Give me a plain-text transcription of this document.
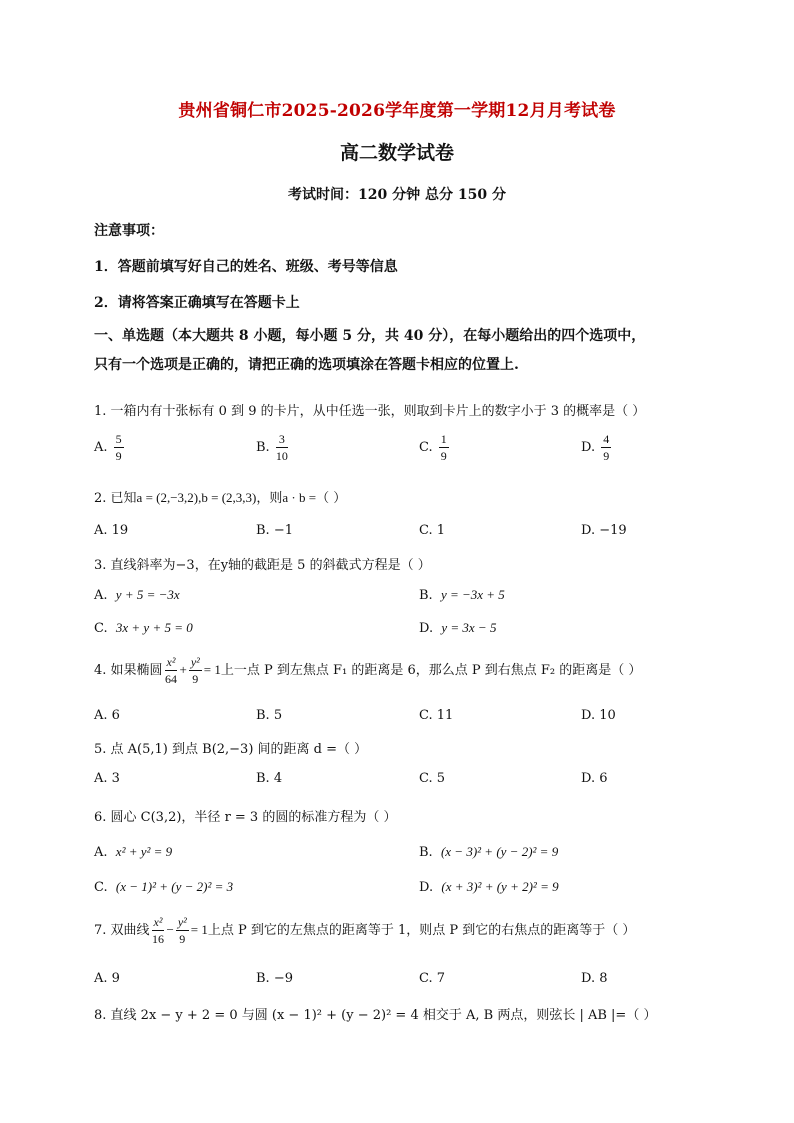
贵州省铜仁市2025-2026学年度第一学期12月月考试卷
高二数学试卷
考试时间：120 分钟 总分 150 分
注意事项：
1．答题前填写好自己的姓名、班级、考号等信息
2．请将答案正确填写在答题卡上
一、单选题（本大题共 8 小题，每小题 5 分，共 40 分），在每小题给出的四个选项中，
只有一个选项是正确的，请把正确的选项填涂在答题卡相应的位置上.
1. 一箱内有十张标有 0 到 9 的卡片，从中任选一张，则取到卡片上的数字小于 3 的概率是（ ）
A. $\frac{5}{9}$	B. $\frac{3}{10}$	C. $\frac{1}{9}$	D. $\frac{4}{9}$
2. 已知a = (2,−3,2),b = (2,3,3)，则a · b =（ ）
A. 19	B. −1	C. 1	D. −19
3. 直线斜率为−3，在y轴的截距是 5 的斜截式方程是（ ）
A. y + 5 = −3x	B. y = −3x + 5
C. 3x + y + 5 = 0	D. y = 3x − 5
4. 如果椭圆 $\frac{\text{x²}}{64} + \frac{\text{y²}}{9} = 1$上一点 P 到左焦点 F₁ 的距离是 6，那么点 P 到右焦点 F₂ 的距离是（ ）
A. 6	B. 5	C. 11	D. 10
5. 点 A(5,1) 到点 B(2,−3) 间的距离 d =（ ）
A. 3	B. 4	C. 5	D. 6
6. 圆心 C(3,2)，半径 r = 3 的圆的标准方程为（ ）
A. x² + y² = 9	B. (x − 3)² + (y − 2)² = 9
C. (x − 1)² + (y − 2)² = 3	D. (x + 3)² + (y + 2)² = 9
7. 双曲线 $\frac{\text{x²}}{16} - \frac{\text{y²}}{9} = 1$上点 P 到它的左焦点的距离等于 1，则点 P 到它的右焦点的距离等于（ ）
A. 9	B. −9	C. 7	D. 8
8. 直线 2x − y + 2 = 0 与圆 (x − 1)² + (y − 2)² = 4 相交于 A, B 两点，则弦长 | AB |=（ ）
